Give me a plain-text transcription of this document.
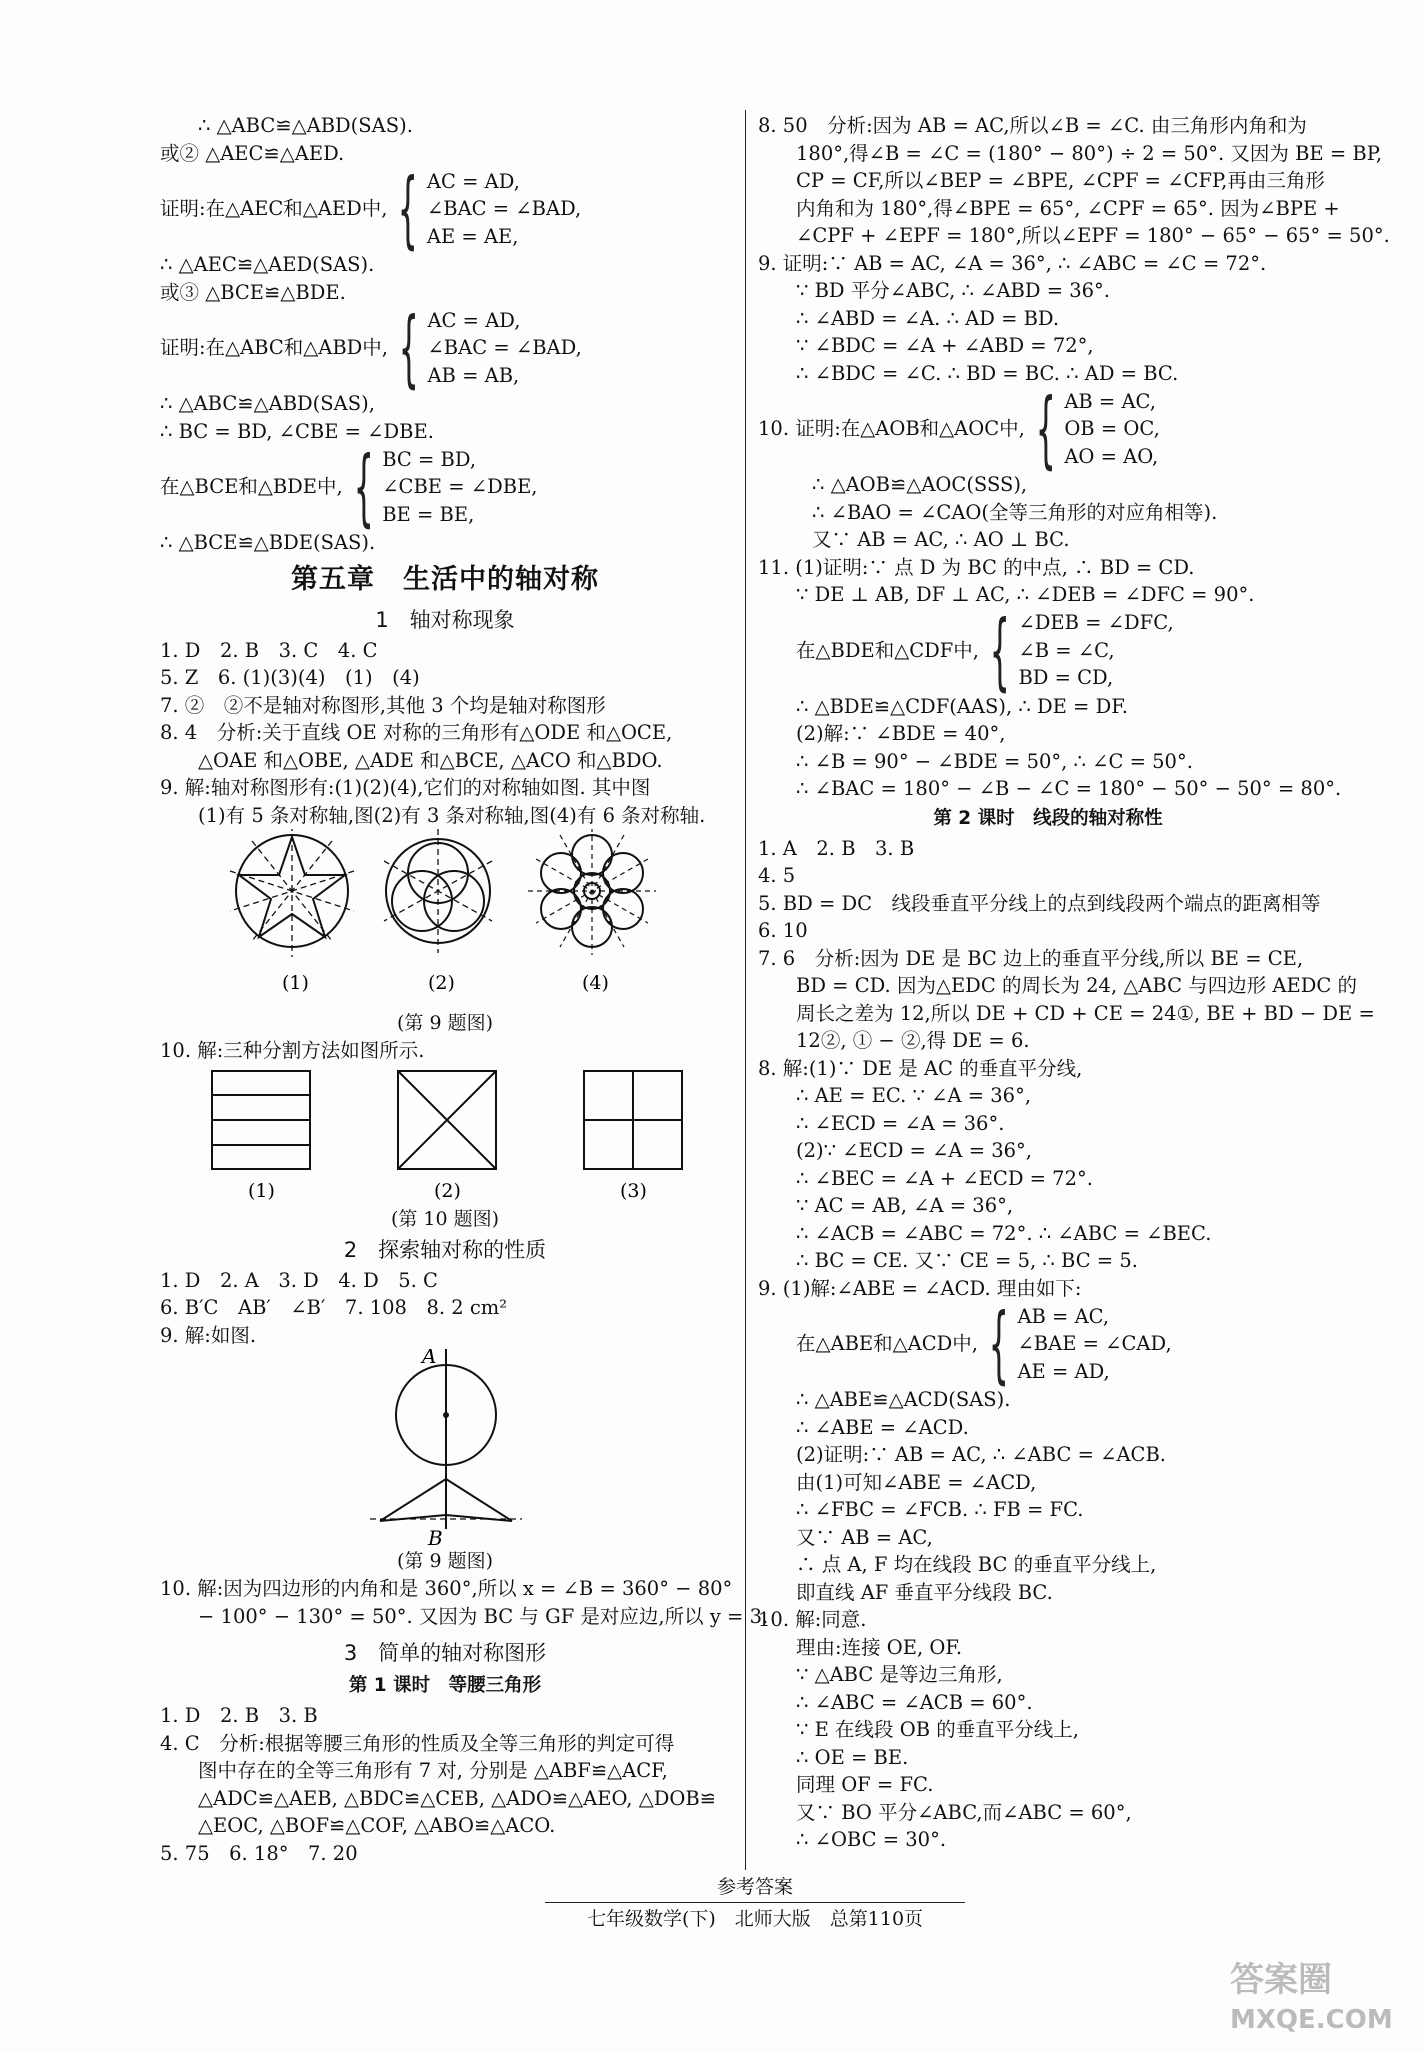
∴ △ABC≌△ABD(SAS).
或② △AEC≌△AED.
证明:在△AEC和△AED中, { AC = AD,
∠BAC = ∠BAD,
AE = AE,
∴ △AEC≌△AED(SAS).
或③ △BCE≌△BDE.
证明:在△ABC和△ABD中, { AC = AD,
∠BAC = ∠BAD,
AB = AB,
∴ △ABC≌△ABD(SAS),
∴ BC = BD, ∠CBE = ∠DBE.
在△BCE和△BDE中, { BC = BD,
∠CBE = ∠DBE,
BE = BE,
∴ △BCE≌△BDE(SAS).
第五章　生活中的轴对称
1　轴对称现象
1. D　2. B　3. C　4. C
5. Z　6. (1)(3)(4)　(1)　(4)
7. ②　②不是轴对称图形,其他 3 个均是轴对称图形
8. 4　分析:关于直线 OE 对称的三角形有△ODE 和△OCE,
△OAE 和△OBE, △ADE 和△BCE, △ACO 和△BDO.
9. 解:轴对称图形有:(1)(2)(4),它们的对称轴如图. 其中图
(1)有 5 条对称轴,图(2)有 3 条对称轴,图(4)有 6 条对称轴.
(1)	(2)	(4)
(第 9 题图)
10. 解:三种分割方法如图所示.
(1)	(2)	(3)
(第 10 题图)
2　探索轴对称的性质
1. D　2. A　3. D　4. D　5. C
6. B′C　AB′　∠B′　7. 108　8. 2 cm²
9. 解:如图.
A
B
(第 9 题图)
10. 解:因为四边形的内角和是 360°,所以 x = ∠B = 360° − 80°
− 100° − 130° = 50°. 又因为 BC 与 GF 是对应边,所以 y = 3.
3　简单的轴对称图形
第 1 课时　等腰三角形
1. D　2. B　3. B
4. C　分析:根据等腰三角形的性质及全等三角形的判定可得
图中存在的全等三角形有 7 对, 分别是 △ABF≌△ACF,
△ADC≌△AEB, △BDC≌△CEB, △ADO≌△AEO, △DOB≌
△EOC, △BOF≌△COF, △ABO≌△ACO.
5. 75　6. 18°　7. 20
8. 50　分析:因为 AB = AC,所以∠B = ∠C. 由三角形内角和为
180°,得∠B = ∠C = (180° − 80°) ÷ 2 = 50°. 又因为 BE = BP,
CP = CF,所以∠BEP = ∠BPE, ∠CPF = ∠CFP,再由三角形
内角和为 180°,得∠BPE = 65°, ∠CPF = 65°. 因为∠BPE +
∠CPF + ∠EPF = 180°,所以∠EPF = 180° − 65° − 65° = 50°.
9. 证明:∵ AB = AC, ∠A = 36°, ∴ ∠ABC = ∠C = 72°.
∵ BD 平分∠ABC, ∴ ∠ABD = 36°.
∴ ∠ABD = ∠A. ∴ AD = BD.
∵ ∠BDC = ∠A + ∠ABD = 72°,
∴ ∠BDC = ∠C. ∴ BD = BC. ∴ AD = BC.
10. 证明:在△AOB和△AOC中, { AB = AC,
OB = OC,
AO = AO,
∴ △AOB≌△AOC(SSS),
∴ ∠BAO = ∠CAO(全等三角形的对应角相等).
又∵ AB = AC, ∴ AO ⊥ BC.
11. (1)证明:∵ 点 D 为 BC 的中点, ∴ BD = CD.
∵ DE ⊥ AB, DF ⊥ AC, ∴ ∠DEB = ∠DFC = 90°.
在△BDE和△CDF中, { ∠DEB = ∠DFC,
∠B = ∠C,
BD = CD,
∴ △BDE≌△CDF(AAS), ∴ DE = DF.
(2)解:∵ ∠BDE = 40°,
∴ ∠B = 90° − ∠BDE = 50°, ∴ ∠C = 50°.
∴ ∠BAC = 180° − ∠B − ∠C = 180° − 50° − 50° = 80°.
第 2 课时　线段的轴对称性
1. A　2. B　3. B
4. 5
5. BD = DC　线段垂直平分线上的点到线段两个端点的距离相等
6. 10
7. 6　分析:因为 DE 是 BC 边上的垂直平分线,所以 BE = CE,
BD = CD. 因为△EDC 的周长为 24, △ABC 与四边形 AEDC 的
周长之差为 12,所以 DE + CD + CE = 24①, BE + BD − DE =
12②, ① − ②,得 DE = 6.
8. 解:(1)∵ DE 是 AC 的垂直平分线,
∴ AE = EC. ∵ ∠A = 36°,
∴ ∠ECD = ∠A = 36°.
(2)∵ ∠ECD = ∠A = 36°,
∴ ∠BEC = ∠A + ∠ECD = 72°.
∵ AC = AB, ∠A = 36°,
∴ ∠ACB = ∠ABC = 72°. ∴ ∠ABC = ∠BEC.
∴ BC = CE. 又∵ CE = 5, ∴ BC = 5.
9. (1)解:∠ABE = ∠ACD. 理由如下:
在△ABE和△ACD中, { AB = AC,
∠BAE = ∠CAD,
AE = AD,
∴ △ABE≌△ACD(SAS).
∴ ∠ABE = ∠ACD.
(2)证明:∵ AB = AC, ∴ ∠ABC = ∠ACB.
由(1)可知∠ABE = ∠ACD,
∴ ∠FBC = ∠FCB. ∴ FB = FC.
又∵ AB = AC,
∴ 点 A, F 均在线段 BC 的垂直平分线上,
即直线 AF 垂直平分线段 BC.
10. 解:同意.
理由:连接 OE, OF.
∵ △ABC 是等边三角形,
∴ ∠ABC = ∠ACB = 60°.
∵ E 在线段 OB 的垂直平分线上,
∴ OE = BE.
同理 OF = FC.
又∵ BO 平分∠ABC,而∠ABC = 60°,
∴ ∠OBC = 30°.
参考答案
七年级数学(下)　北师大版　总第110页
答案圈
MXQE.COM
